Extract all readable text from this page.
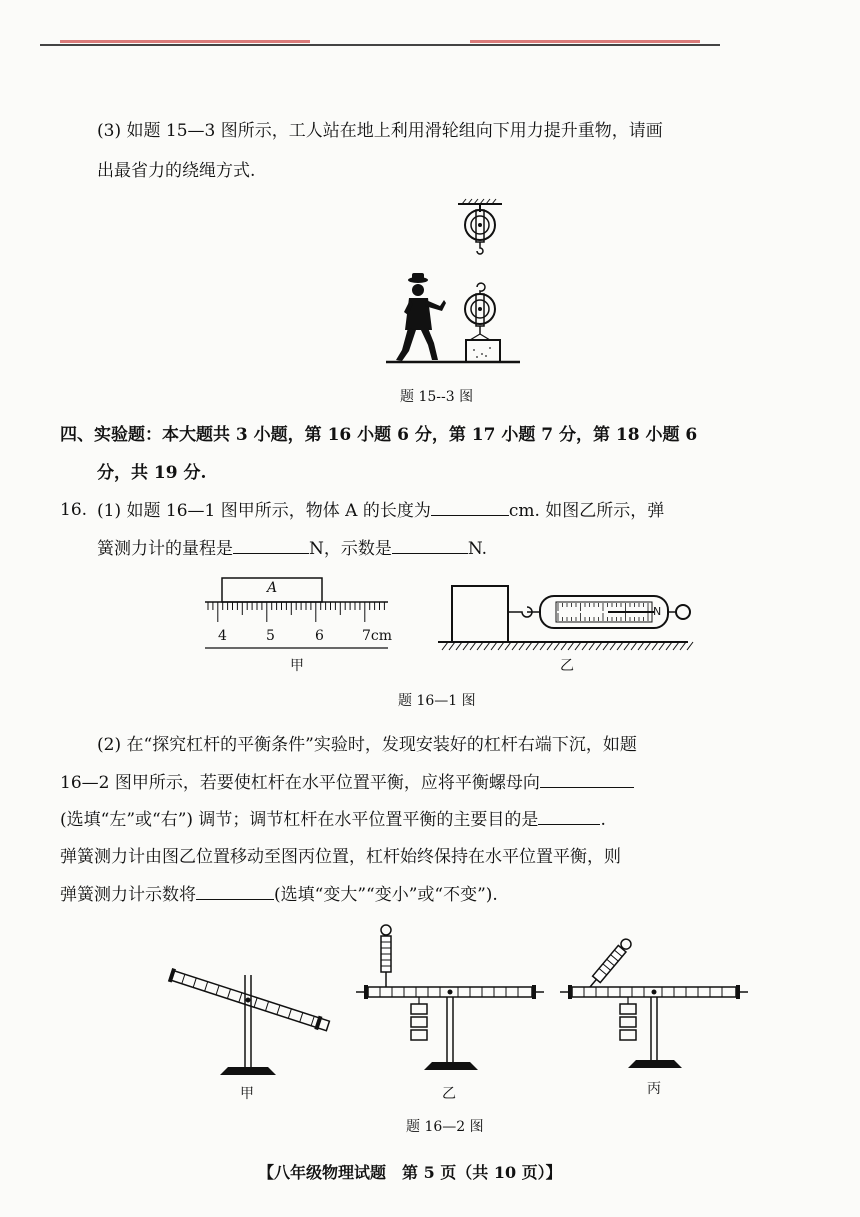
(3) 如题 15—3 图所示，工人站在地上利用滑轮组向下用力提升重物，请画
出最省力的绕绳方式.
题 15--3 图
四、实验题：本大题共 3 小题，第 16 小题 6 分，第 17 小题 7 分，第 18 小题 6
分，共 19 分.
16. (1) 如题 16—1 图甲所示，物体 A 的长度为	cm. 如图乙所示，弹
簧测力计的量程是	N，示数是	N.
A
4	5	6	7cm
甲
N
乙
题 16—1 图
(2) 在“探究杠杆的平衡条件”实验时，发现安装好的杠杆右端下沉，如题
16—2 图甲所示，若要使杠杆在水平位置平衡，应将平衡螺母向
(选填“左”或“右”) 调节；调节杠杆在水平位置平衡的主要目的是	.
弹簧测力计由图乙位置移动至图丙位置，杠杆始终保持在水平位置平衡，则
弹簧测力计示数将	(选填“变大”“变小”或“不变”).
甲	乙	丙
题 16—2 图
【八年级物理试题　第 5 页（共 10 页）】
